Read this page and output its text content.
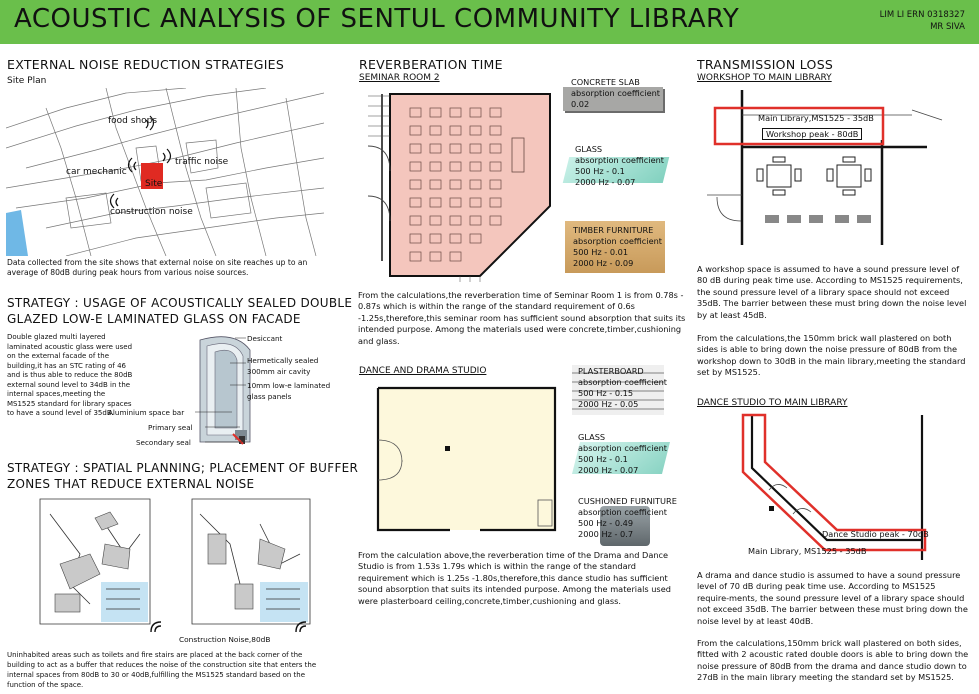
ACOUSTIC ANALYSIS OF SENTUL COMMUNITY LIBRARY	LIM LI ERN 0318327
MR SIVA
EXTERNAL NOISE REDUCTION STRATEGIES
Site Plan
food shops
car mechanic
traffic noise
Site
construction noise
Data collected from the site shows that external noise on site reaches up to an average of 80dB during peak hours from various noise sources.
STRATEGY : USAGE OF ACOUSTICALLY SEALED DOUBLE
GLAZED LOW-E LAMINATED GLASS ON FACADE
Double glazed multi layered laminated acoustic glass were used on the external facade of the building,it has an STC rating of 46 and is thus able to reduce the 80dB external sound level to 34dB in the internal spaces,meeting the MS1525 standard for library spaces to have a sound level of 35dB.
Desiccant
Hermetically sealed
300mm air cavity
10mm low-e laminated
glass panels
Aluminium space bar
Primary seal
Secondary seal
STRATEGY : SPATIAL PLANNING; PLACEMENT OF BUFFER
ZONES THAT REDUCE EXTERNAL NOISE
Construction Noise,80dB
Uninhabited areas such as toilets and fire stairs are placed at the back corner of the building to act as a buffer that reduces the noise of the construction site that enters the internal spaces from 80dB to 30 or 40dB,fulfilling the MS1525 standard based on the function of the space.
REVERBERATION TIME
SEMINAR ROOM 2	CONCRETE SLAB
absorption coefficient
0.02
GLASS
absorption coefficient
500 Hz - 0.1
2000 Hz - 0.07
TIMBER FURNITURE
absorption coefficient
500 Hz - 0.01
2000 Hz - 0.09
From the calculations,the reverberation time of Seminar Room 1 is from 0.78s - 0.87s which is within the range of the standard requirement of 0.6s -1.25s,therefore,this seminar room has sufficient sound absorption that suits its intended purpose. Among the materials used were concrete,timber,cushioning and glass.
DANCE AND DRAMA STUDIO	PLASTERBOARD
absorption coefficient
500 Hz - 0.15
2000 Hz - 0.05
GLASS
absorption coefficient
500 Hz - 0.1
2000 Hz - 0.07
CUSHIONED FURNITURE
absorption coefficient
500 Hz - 0.49
2000 Hz - 0.7
From the calculation above,the reverberation time of the Drama and Dance Studio is from 1.53s 1.79s which is within the range of the standard requirement which is 1.25s -1.80s,therefore,this dance studio has sufficient sound absorption that suits its intended purpose. Among the materials used were plasterboard ceiling,concrete,timber,cushioning and glass.
TRANSMISSION LOSS
WORKSHOP TO MAIN LIBRARY
Main Library,MS1525 - 35dB
Workshop peak - 80dB
A workshop space is assumed to have a sound pressure level of 80 dB during peak time use. According to MS1525 requirements, the sound pressure level of a library space should not exceed 35dB. The barrier between these must bring down the noise level by at least 45dB.
From the calculations,the 150mm brick wall plastered on both sides is able to bring down the noise pressure of 80dB from the workshop down to 30dB in the main library,meeting the standard set by MS1525.
DANCE STUDIO TO MAIN LIBRARY
Dance Studio peak - 70dB
Main Library, MS1525 - 35dB
A drama and dance studio is assumed to have a sound pressure level of 70 dB during peak time use. According to MS1525 require-ments, the sound pressure level of a library space should not exceed 35dB. The barrier between these must bring down the noise level by at least 40dB.
From the calculations,150mm brick wall plastered on both sides, fitted with 2 acoustic rated double doors is able to bring down the noise pressure of 80dB from the drama and dance studio down to 27dB in the main library meeting the standard set by MS1525.
